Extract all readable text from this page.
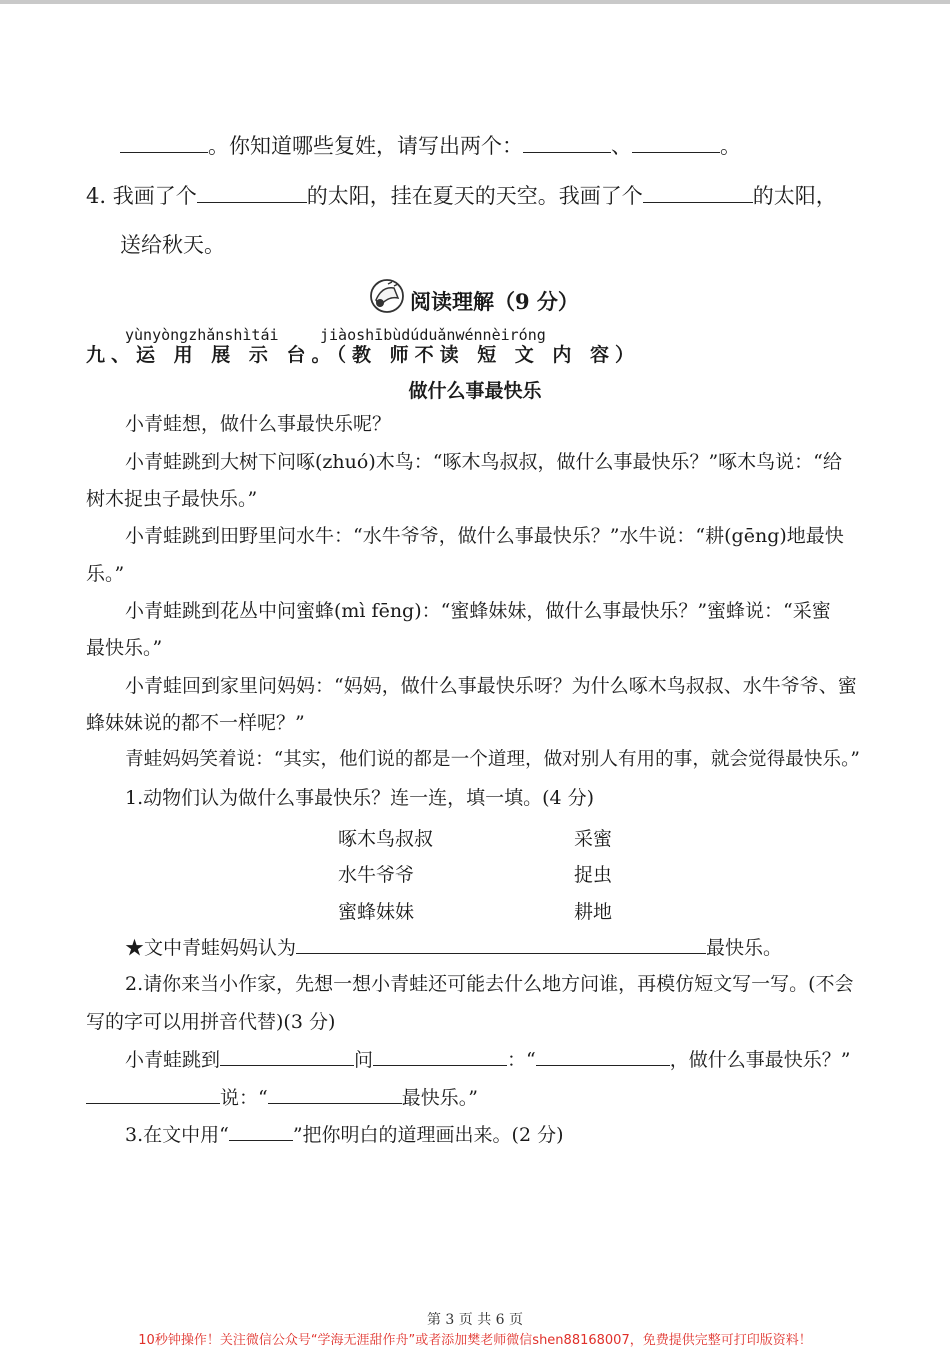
。你知道哪些复姓，请写出两个：	、	。
4. 我画了个	的太阳，挂在夏天的天空。我画了个	的太阳，
送给秋天。
阅读理解（9 分）
yùnyòngzhǎnshìtái	jiàoshībùdúduǎnwénnèiróng
九、运 用 展 示 台。（教 师不读 短 文 内 容）
做什么事最快乐
小青蛙想，做什么事最快乐呢？
小青蛙跳到大树下问啄(zhuó)木鸟：“啄木鸟叔叔，做什么事最快乐？”啄木鸟说：“给
树木捉虫子最快乐。”
小青蛙跳到田野里问水牛：“水牛爷爷，做什么事最快乐？”水牛说：“耕(gēng)地最快
乐。”
小青蛙跳到花丛中问蜜蜂(mì fēng)：“蜜蜂妹妹，做什么事最快乐？”蜜蜂说：“采蜜
最快乐。”
小青蛙回到家里问妈妈：“妈妈，做什么事最快乐呀？为什么啄木鸟叔叔、水牛爷爷、蜜
蜂妹妹说的都不一样呢？”
青蛙妈妈笑着说：“其实，他们说的都是一个道理，做对别人有用的事，就会觉得最快乐。”
1.动物们认为做什么事最快乐？连一连，填一填。(4 分)
啄木鸟叔叔
水牛爷爷
蜜蜂妹妹
采蜜
捉虫
耕地
★文中青蛙妈妈认为	最快乐。
2.请你来当小作家，先想一想小青蛙还可能去什么地方问谁，再模仿短文写一写。(不会
写的字可以用拼音代替)(3 分)
小青蛙跳到	问	：“	，做什么事最快乐？”
说：“	最快乐。”
3.在文中用“	”把你明白的道理画出来。(2 分)
第 3 页 共 6 页
10秒钟操作！关注微信公众号“学海无涯甜作舟”或者添加樊老师微信shen88168007，免费提供完整可打印版资料！
